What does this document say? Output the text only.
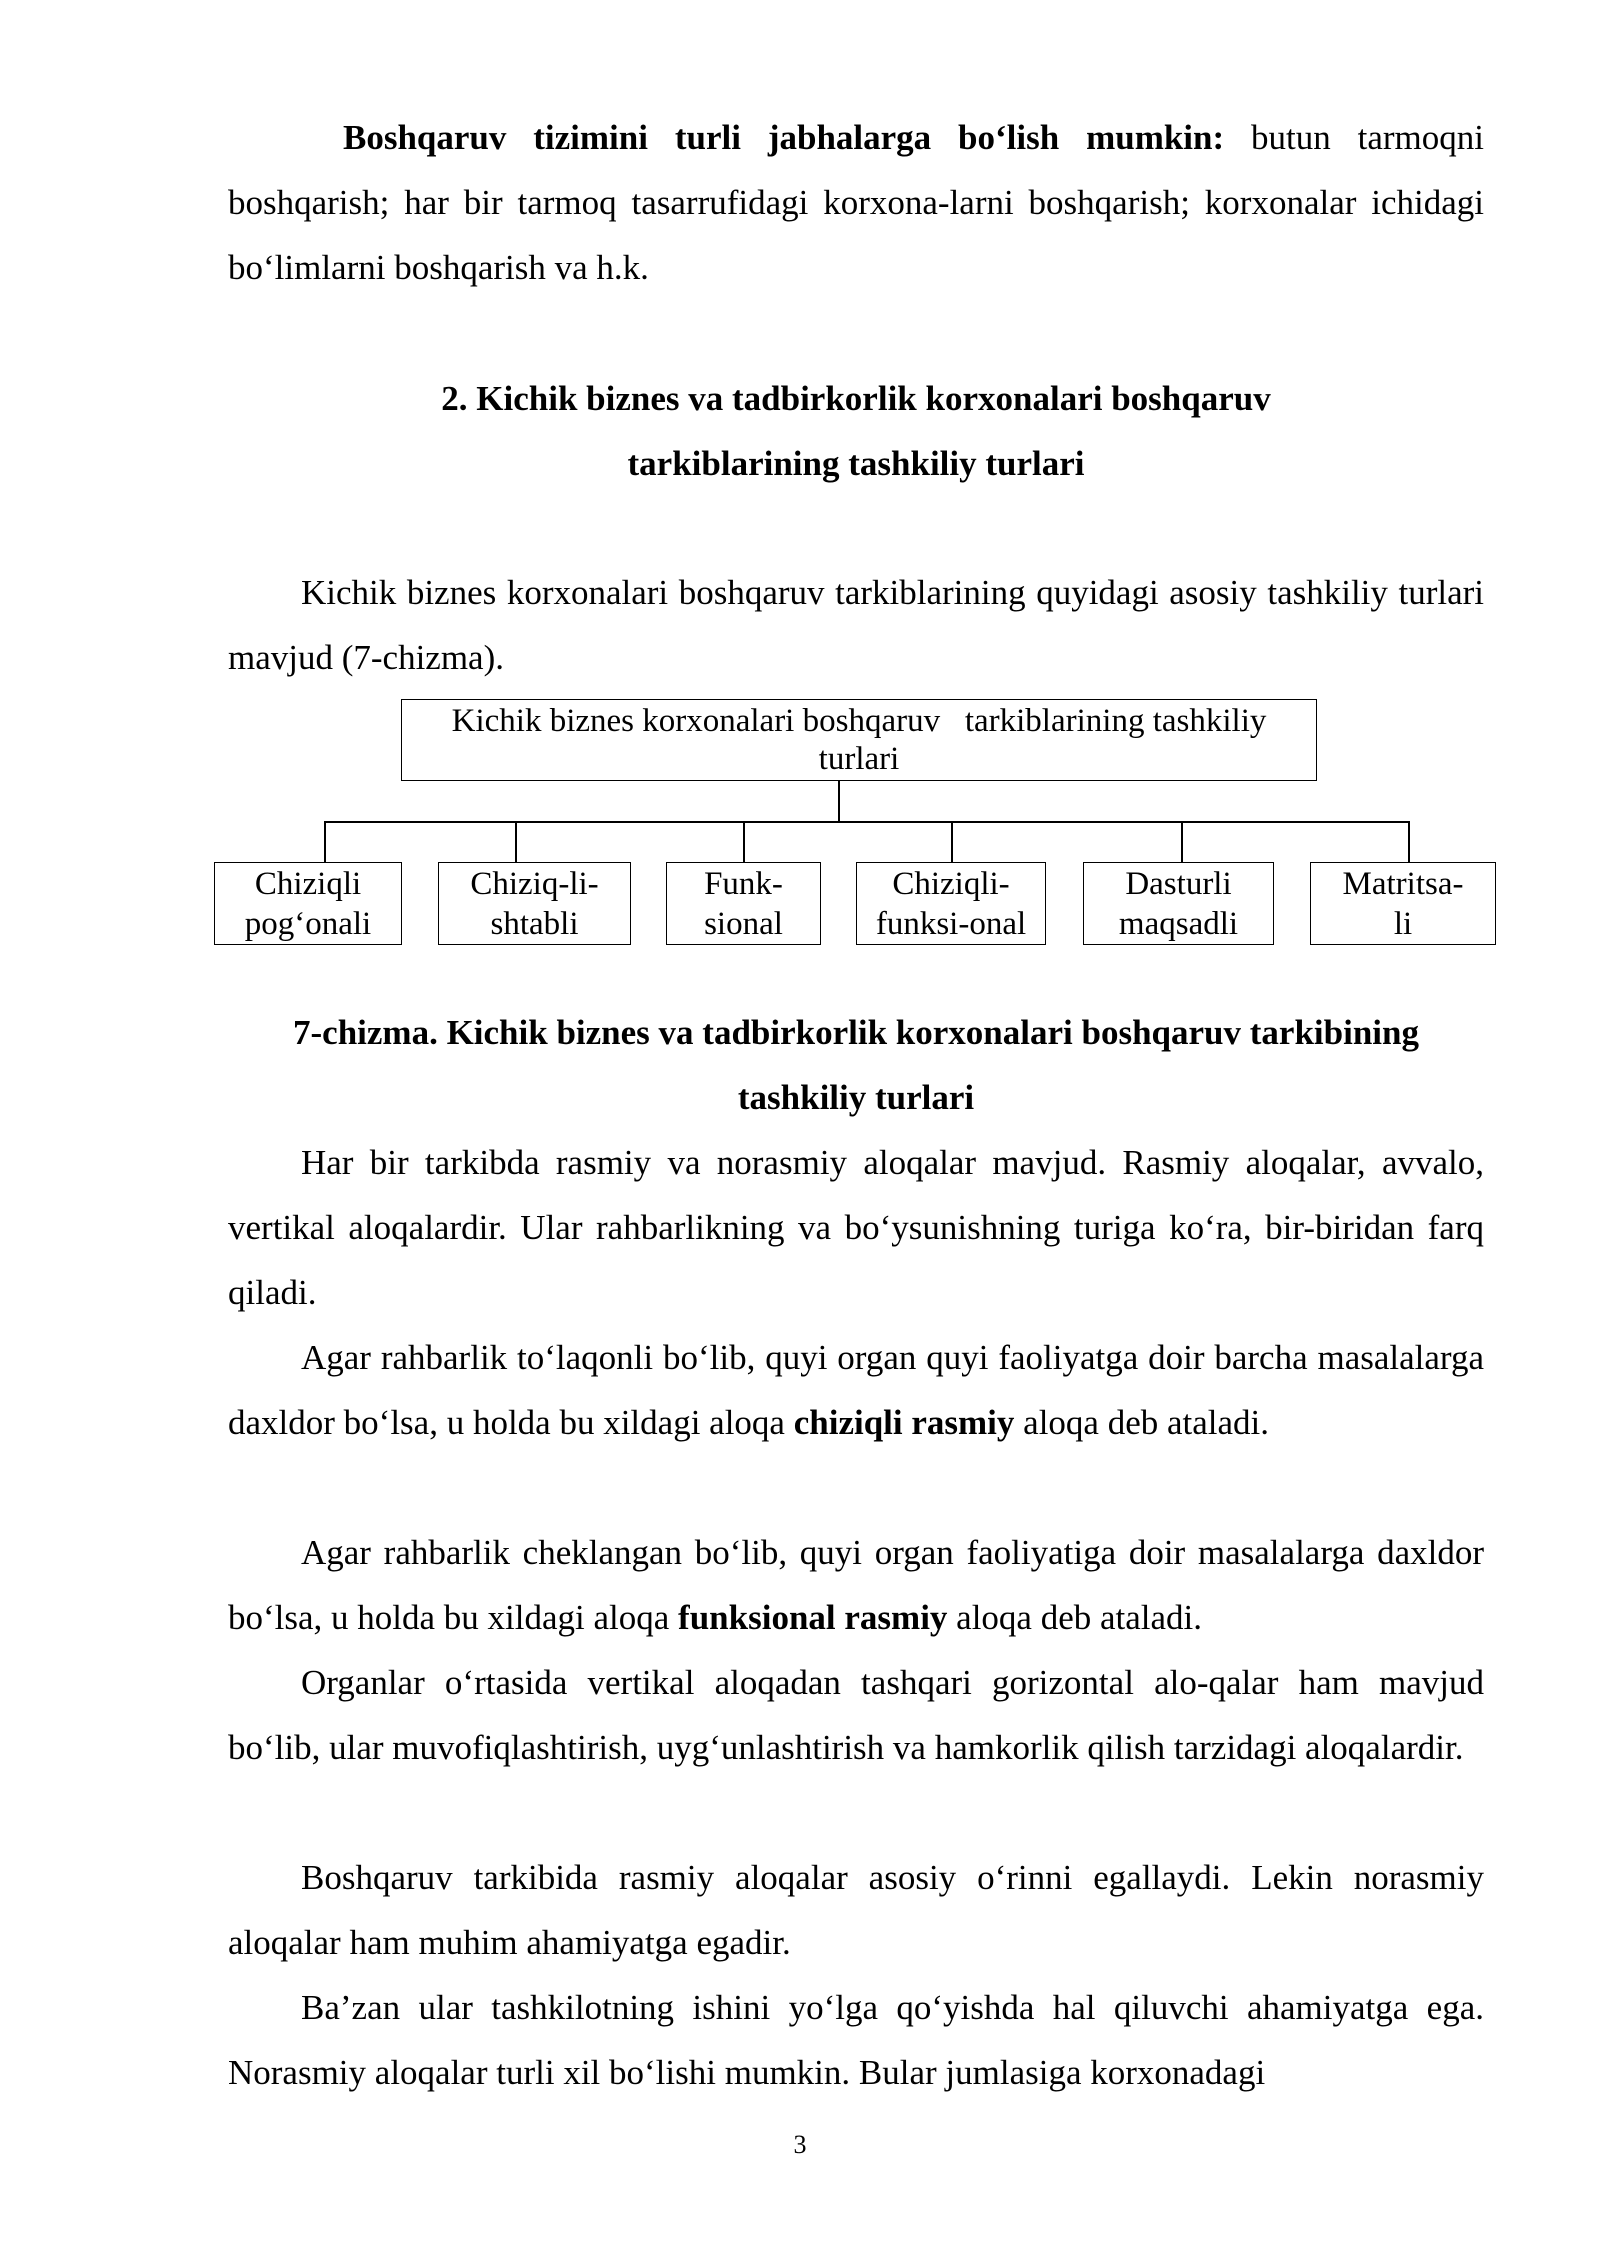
Boshqaruv tizimini turli jabhalarga bo‘lish mumkin: butun tarmoqni boshqarish; har bir tarmoq tasarrufidagi korxona-larni boshqarish; korxonalar ichidagi bo‘limlarni boshqarish va h.k.

2. Kichik biznes va tadbirkorlik korxonalari boshqaruv
tarkiblarining tashkiliy turlari

Kichik biznes korxonalari boshqaruv tarkiblarining quyidagi asosiy tashkiliy turlari mavjud (7-chizma).

Kichik biznes korxonalari boshqaruv   tarkiblarining tashkiliy
turlari
Chiziqli
pog‘onali
Chiziq-li-
shtabli
Funk-
sional
Chiziqli-
funksi-onal
Dasturli
maqsadli
Matritsa-
li
7-chizma. Kichik biznes va tadbirkorlik korxonalari boshqaruv tarkibining
tashkiliy turlari

Har bir tarkibda rasmiy va norasmiy aloqalar mavjud. Rasmiy aloqalar, avvalo, vertikal aloqalardir. Ular rahbarlikning va bo‘ysunishning turiga ko‘ra, bir-biridan farq qiladi.

Agar rahbarlik to‘laqonli bo‘lib, quyi organ quyi faoliyatga doir barcha masalalarga daxldor bo‘lsa, u holda bu xildagi aloqa chiziqli rasmiy aloqa deb ataladi.

Agar rahbarlik cheklangan bo‘lib, quyi organ faoliyatiga doir masalalarga daxldor bo‘lsa, u holda bu xildagi aloqa funksional rasmiy aloqa deb ataladi.

Organlar o‘rtasida vertikal aloqadan tashqari gorizontal alo-qalar ham mavjud bo‘lib, ular muvofiqlashtirish, uyg‘unlashtirish va hamkorlik qilish tarzidagi aloqalardir.

Boshqaruv tarkibida rasmiy aloqalar asosiy o‘rinni egallaydi. Lekin norasmiy aloqalar ham muhim ahamiyatga egadir.

Ba’zan ular tashkilotning ishini yo‘lga qo‘yishda hal qiluvchi ahamiyatga ega. Norasmiy aloqalar turli xil bo‘lishi mumkin. Bular jumlasiga korxonadagi

3
